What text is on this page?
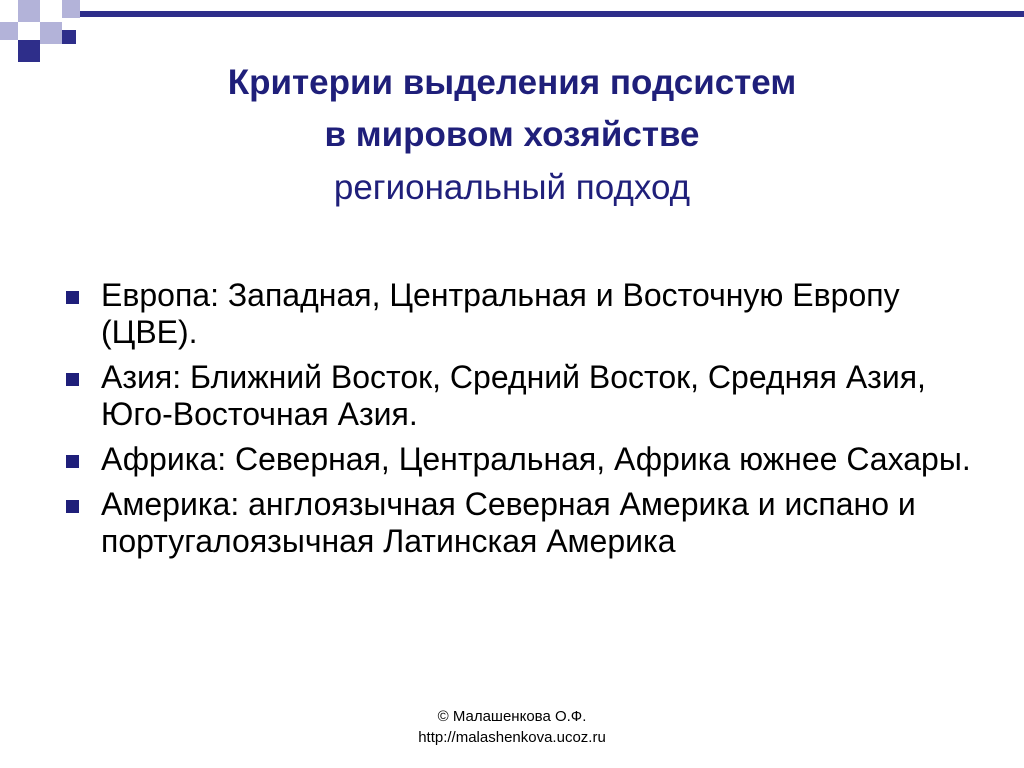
Критерии выделения подсистем
в мировом хозяйстве

региональный подход

Европа: Западная, Центральная и Восточную Европу (ЦВЕ).
Азия: Ближний Восток, Средний Восток, Средняя Азия, Юго-Восточная Азия.
Африка: Северная, Центральная, Африка южнее Сахары.
Америка: англоязычная Северная Америка и испано и португалоязычная Латинская Америка
© Малашенкова О.Ф.
http://malashenkova.ucoz.ru
